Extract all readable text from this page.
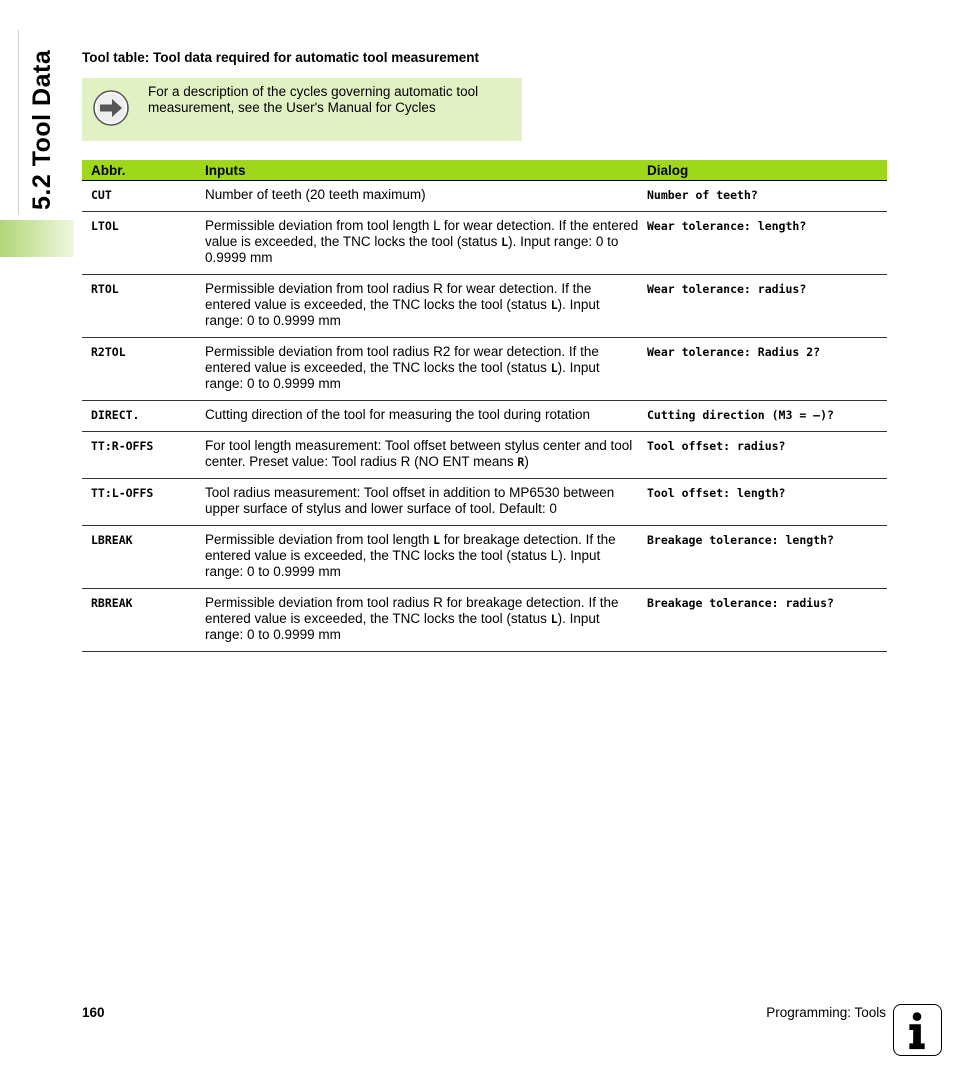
5.2 Tool Data Tool table: Tool data required for automatic tool measurement
For a description of the cycles governing automatic tool measurement, see the User's Manual for Cycles
Abbr.	Inputs	Dialog
CUT	Number of teeth (20 teeth maximum)	Number of teeth?
LTOL	Permissible deviation from tool length L for wear detection. If the entered value is exceeded, the TNC locks the tool (status L). Input range: 0 to 0.9999 mm	Wear tolerance: length?
RTOL	Permissible deviation from tool radius R for wear detection. If the entered value is exceeded, the TNC locks the tool (status L). Input range: 0 to 0.9999 mm	Wear tolerance: radius?
R2TOL	Permissible deviation from tool radius R2 for wear detection. If the entered value is exceeded, the TNC locks the tool (status L). Input range: 0 to 0.9999 mm	Wear tolerance: Radius 2?
DIRECT.	Cutting direction of the tool for measuring the tool during rotation	Cutting direction (M3 = –)?
TT:R-OFFS	For tool length measurement: Tool offset between stylus center and tool center. Preset value: Tool radius R (NO ENT means R)	Tool offset: radius?
TT:L-OFFS	Tool radius measurement: Tool offset in addition to MP6530 between upper surface of stylus and lower surface of tool. Default: 0	Tool offset: length?
LBREAK	Permissible deviation from tool length L for breakage detection. If the entered value is exceeded, the TNC locks the tool (status L). Input range: 0 to 0.9999 mm	Breakage tolerance: length?
RBREAK	Permissible deviation from tool radius R for breakage detection. If the entered value is exceeded, the TNC locks the tool (status L). Input range: 0 to 0.9999 mm	Breakage tolerance: radius?
160	Programming: Tools
